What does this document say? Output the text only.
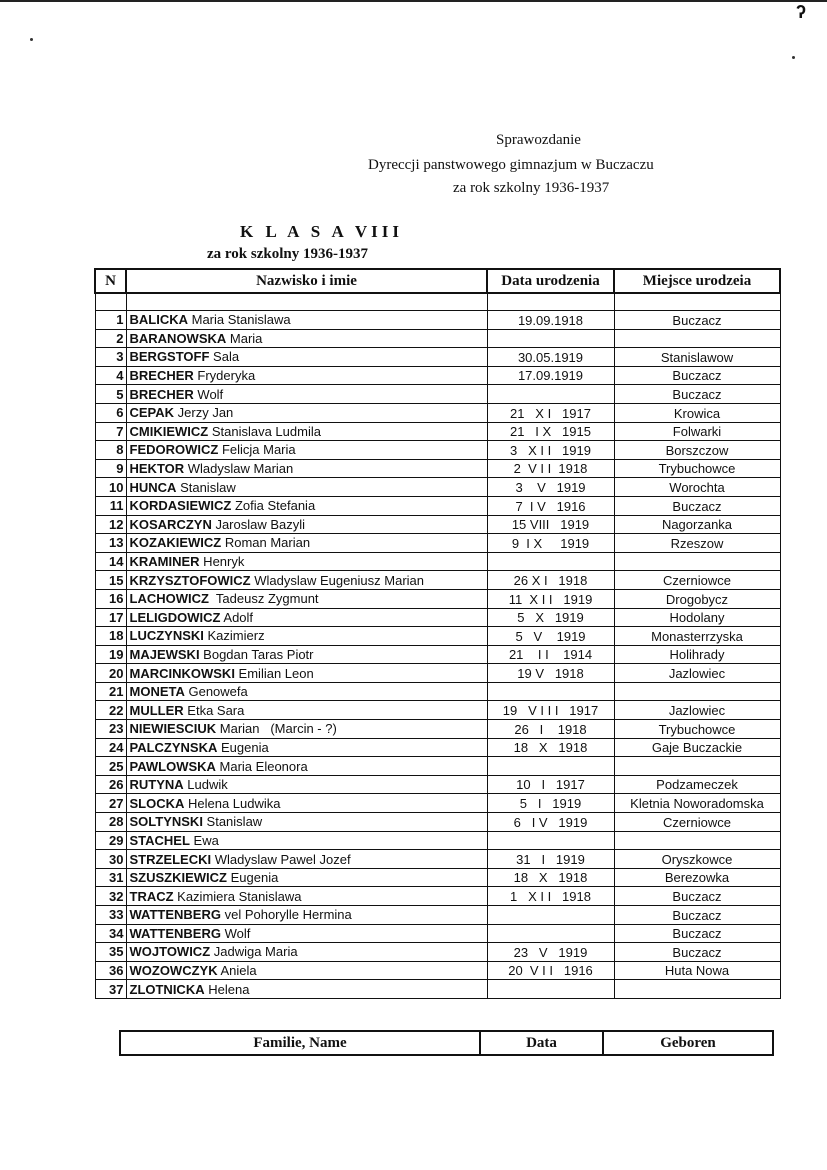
ʔ
Sprawozdanie
Dyreccji panstwowego gimnazjum w Buczaczu
za rok szkolny 1936-1937
K L A S A VIII
za rok szkolny 1936-1937
N	Nazwisko i imie	Data urodzenia	Miejsce urodzeia

1	BALICKA Maria Stanislawa	19.09.1918	Buczacz
2	BARANOWSKA Maria		
3	BERGSTOFF Sala	30.05.1919	Stanislawow
4	BRECHER Fryderyka	17.09.1919	Buczacz
5	BRECHER Wolf		Buczacz
6	CEPAK Jerzy Jan	21   X I   1917	Krowica
7	CMIKIEWICZ Stanislava Ludmila	21   I X   1915	Folwarki
8	FEDOROWICZ Felicja Maria	3   X I I   1919	Borszczow
9	HEKTOR Wladyslaw Marian	2  V I I  1918	Trybuchowce
10	HUNCA Stanislaw	3    V   1919	Worochta
11	KORDASIEWICZ Zofia Stefania	7  I V   1916	Buczacz
12	KOSARCZYN Jaroslaw Bazyli	15 VIII   1919	Nagorzanka
13	KOZAKIEWICZ Roman Marian	9  I X     1919	Rzeszow
14	KRAMINER Henryk		
15	KRZYSZTOFOWICZ Wladyslaw Eugeniusz Marian	26 X I   1918	Czerniowce
16	LACHOWICZ  Tadeusz Zygmunt	11  X I I   1919	Drogobycz
17	LELIGDOWICZ Adolf	5   X   1919	Hodolany
18	LUCZYNSKI Kazimierz	5   V    1919	Monasterrzyska
19	MAJEWSKI Bogdan Taras Piotr	21    I I    1914	Holihrady
20	MARCINKOWSKI Emilian Leon	19 V   1918	Jazlowiec
21	MONETA Genowefa		
22	MULLER Etka Sara	19   V I I I   1917	Jazlowiec
23	NIEWIESCIUK Marian   (Marcin - ?)	26   I    1918	Trybuchowce
24	PALCZYNSKA Eugenia	18   X   1918	Gaje Buczackie
25	PAWLOWSKA Maria Eleonora		
26	RUTYNA Ludwik	10   I   1917	Podzameczek
27	SLOCKA Helena Ludwika	5   I   1919	Kletnia Noworadomska
28	SOLTYNSKI Stanislaw	6   I V   1919	Czerniowce
29	STACHEL Ewa		
30	STRZELECKI Wladyslaw Pawel Jozef	31   I   1919	Oryszkowce
31	SZUSZKIEWICZ Eugenia	18   X   1918	Berezowka
32	TRACZ Kazimiera Stanislawa	1   X I I   1918	Buczacz
33	WATTENBERG vel Pohorylle Hermina		Buczacz
34	WATTENBERG Wolf		Buczacz
35	WOJTOWICZ Jadwiga Maria	23   V   1919	Buczacz
36	WOZOWCZYK Aniela	20  V I I   1916	Huta Nowa
37	ZLOTNICKA Helena		
Familie, Name	Data	Geboren
